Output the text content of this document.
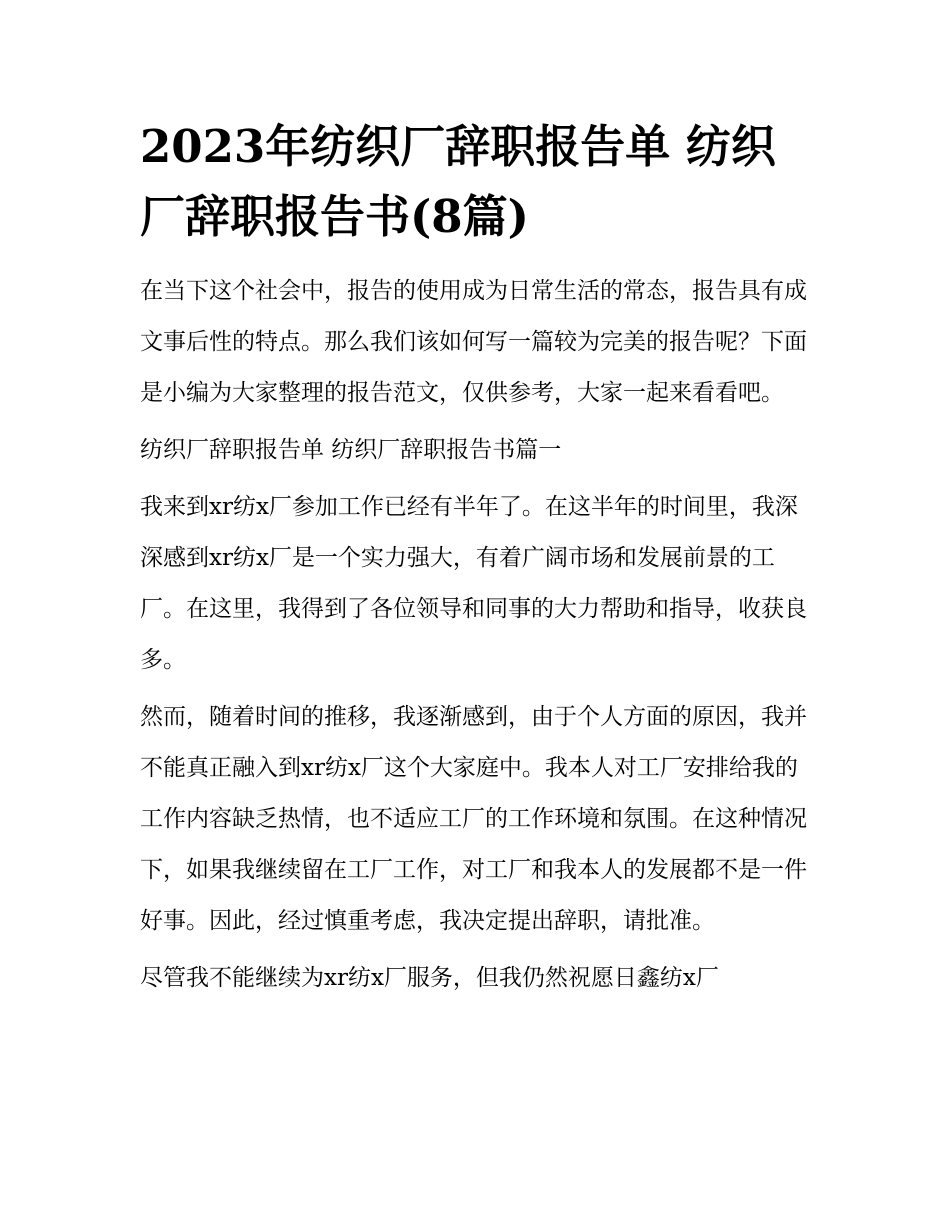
2023年纺织厂辞职报告单 纺织厂辞职报告书(8篇)

在当下这个社会中，报告的使用成为日常生活的常态，报告具有成文事后性的特点。那么我们该如何写一篇较为完美的报告呢？下面是小编为大家整理的报告范文，仅供参考，大家一起来看看吧。

纺织厂辞职报告单 纺织厂辞职报告书篇一

我来到xr纺x厂参加工作已经有半年了。在这半年的时间里，我深深感到xr纺x厂是一个实力强大，有着广阔市场和发展前景的工厂。在这里，我得到了各位领导和同事的大力帮助和指导，收获良多。

然而，随着时间的推移，我逐渐感到，由于个人方面的原因，我并不能真正融入到xr纺x厂这个大家庭中。我本人对工厂安排给我的工作内容缺乏热情，也不适应工厂的工作环境和氛围。在这种情况下，如果我继续留在工厂工作，对工厂和我本人的发展都不是一件好事。因此，经过慎重考虑，我决定提出辞职，请批准。

尽管我不能继续为xr纺x厂服务，但我仍然祝愿日鑫纺x厂
